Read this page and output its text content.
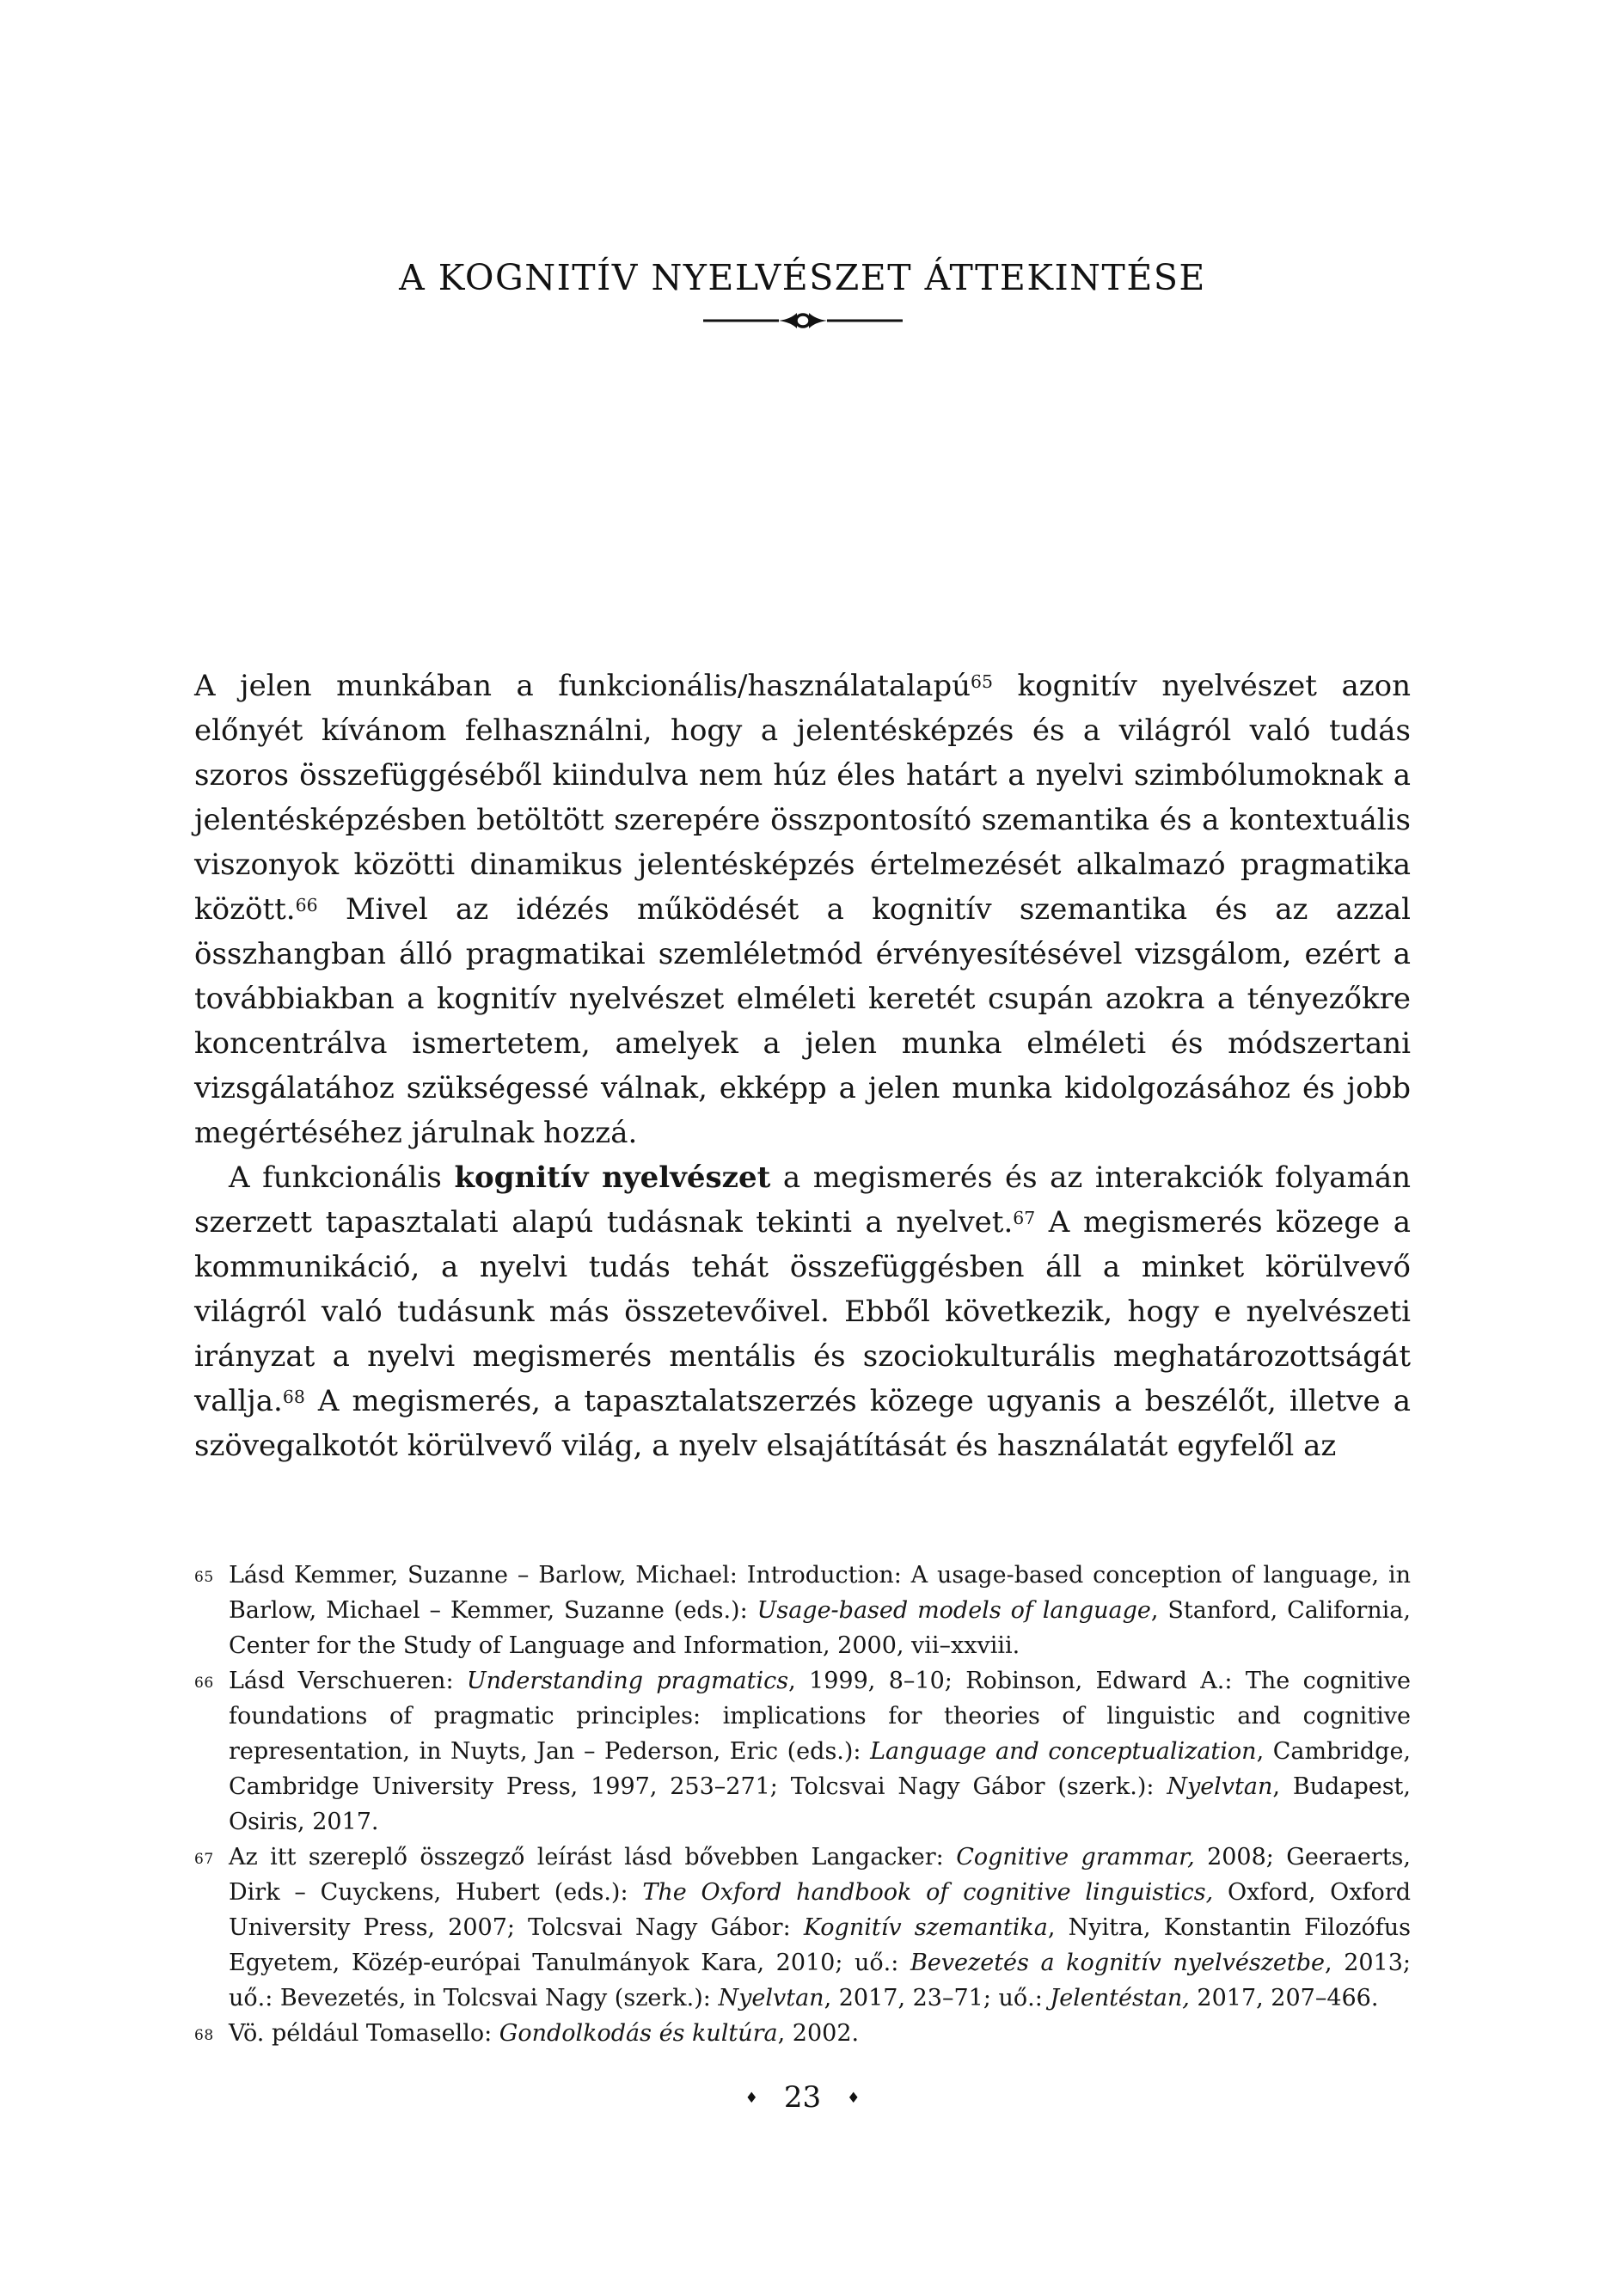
A KOGNITÍV NYELVÉSZET ÁTTEKINTÉSE

A jelen munkában a funkcionális/használatalapú$^{65}$ kognitív nyelvészet azon előnyét kívánom felhasználni, hogy a jelentésképzés és a világról való tudás szoros összefüggéséből kiindulva nem húz éles határt a nyelvi szimbólumoknak a jelentésképzésben betöltött szerepére összpontosító szemantika és a kontextuális viszonyok közötti dinamikus jelentésképzés értelmezését alkalmazó pragmatika között.$^{66}$ Mivel az idézés működését a kognitív szemantika és az azzal összhangban álló pragmatikai szemléletmód érvényesítésével vizsgálom, ezért a továbbiakban a kognitív nyelvészet elméleti keretét csupán azokra a tényezőkre koncentrálva ismertetem, amelyek a jelen munka elméleti és módszertani vizsgálatához szükségessé válnak, ekképp a jelen munka kidolgozásához és jobb megértéséhez járulnak hozzá.

A funkcionális kognitív nyelvészet a megismerés és az interakciók folyamán szerzett tapasztalati alapú tudásnak tekinti a nyelvet.$^{67}$ A megismerés közege a kommunikáció, a nyelvi tudás tehát összefüggésben áll a minket körülvevő világról való tudásunk más összetevőivel. Ebből következik, hogy e nyelvészeti irányzat a nyelvi megismerés mentális és szociokulturális meghatározottságát vallja.$^{68}$ A megismerés, a tapasztalatszerzés közege ugyanis a beszélőt, illetve a szövegalkotót körülvevő világ, a nyelv elsajátítását és használatát egyfelől az

65 Lásd Kemmer, Suzanne – Barlow, Michael: Introduction: A usage-based conception of language, in Barlow, Michael – Kemmer, Suzanne (eds.): Usage-based models of language, Stanford, California, Center for the Study of Language and Information, 2000, vii–xxviii.
66 Lásd Verschueren: Understanding pragmatics, 1999, 8–10; Robinson, Edward A.: The cognitive foundations of pragmatic principles: implications for theories of linguistic and cognitive representation, in Nuyts, Jan – Pederson, Eric (eds.): Language and conceptualization, Cambridge, Cambridge University Press, 1997, 253–271; Tolcsvai Nagy Gábor (szerk.): Nyelvtan, Budapest, Osiris, 2017.
67 Az itt szereplő összegző leírást lásd bővebben Langacker: Cognitive grammar, 2008; Geeraerts, Dirk – Cuyckens, Hubert (eds.): The Oxford handbook of cognitive linguistics, Oxford, Oxford University Press, 2007; Tolcsvai Nagy Gábor: Kognitív szemantika, Nyitra, Konstantin Filozófus Egyetem, Közép-európai Tanulmányok Kara, 2010; uő.: Bevezetés a kognitív nyelvészetbe, 2013; uő.: Bevezetés, in Tolcsvai Nagy (szerk.): Nyelvtan, 2017, 23–71; uő.: Jelentéstan, 2017, 207–466.
68 Vö. például Tomasello: Gondolkodás és kultúra, 2002.
♦ 23 ♦
